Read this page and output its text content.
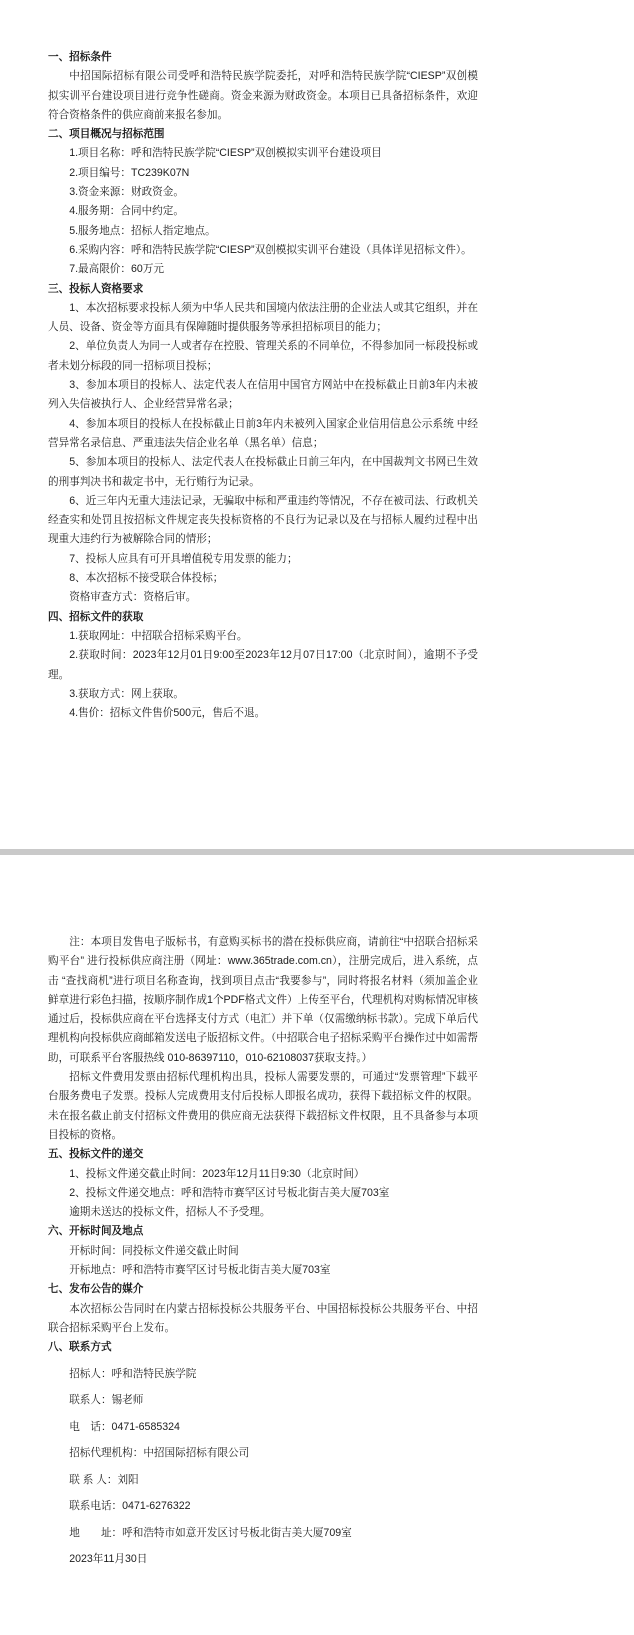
一、招标条件

中招国际招标有限公司受呼和浩特民族学院委托，对呼和浩特民族学院“CIESP”双创模拟实训平台建设项目进行竞争性磋商。资金来源为财政资金。本项目已具备招标条件，欢迎符合资格条件的供应商前来报名参加。

二、项目概况与招标范围

1.项目名称：呼和浩特民族学院“CIESP”双创模拟实训平台建设项目

2.项目编号：TC239K07N

3.资金来源：财政资金。

4.服务期：合同中约定。

5.服务地点：招标人指定地点。

6.采购内容：呼和浩特民族学院“CIESP”双创模拟实训平台建设（具体详见招标文件）。

7.最高限价：60万元

三、投标人资格要求

1、本次招标要求投标人须为中华人民共和国境内依法注册的企业法人或其它组织，并在人员、设备、资金等方面具有保障随时提供服务等承担招标项目的能力；

2、单位负责人为同一人或者存在控股、管理关系的不同单位，不得参加同一标段投标或者未划分标段的同一招标项目投标；

3、参加本项目的投标人、法定代表人在信用中国官方网站中在投标截止日前3年内未被列入失信被执行人、企业经营异常名录；

4、参加本项目的投标人在投标截止日前3年内未被列入国家企业信用信息公示系统 中经营异常名录信息、严重违法失信企业名单（黑名单）信息；

5、参加本项目的投标人、法定代表人在投标截止日前三年内，在中国裁判文书网已生效的刑事判决书和裁定书中，无行贿行为记录。

6、近三年内无重大违法记录，无骗取中标和严重违约等情况，不存在被司法、行政机关经查实和处罚且按招标文件规定丧失投标资格的不良行为记录以及在与招标人履约过程中出现重大违约行为被解除合同的情形；

7、投标人应具有可开具增值税专用发票的能力；

8、本次招标不接受联合体投标；

资格审查方式：资格后审。

四、招标文件的获取

1.获取网址：中招联合招标采购平台。

2.获取时间：2023年12月01日9:00至2023年12月07日17:00（北京时间），逾期不予受理。

3.获取方式：网上获取。

4.售价：招标文件售价500元，售后不退。

注：本项目发售电子版标书，有意购买标书的潜在投标供应商，请前往“中招联合招标采购平台” 进行投标供应商注册（网址：www.365trade.com.cn），注册完成后，进入系统，点击 “查找商机”进行项目名称查询，找到项目点击“我要参与”，同时将报名材料（须加盖企业鲜章进行彩色扫描，按顺序制作成1个PDF格式文件）上传至平台，代理机构对购标情况审核通过后，投标供应商在平台选择支付方式（电汇）并下单（仅需缴纳标书款）。完成下单后代理机构向投标供应商邮箱发送电子版招标文件。（中招联合电子招标采购平台操作过中如需帮助，可联系平台客服热线 010-86397110，010-62108037获取支持。）

招标文件费用发票由招标代理机构出具，投标人需要发票的，可通过“发票管理”下载平台服务费电子发票。投标人完成费用支付后投标人即报名成功，获得下载招标文件的权限。未在报名截止前支付招标文件费用的供应商无法获得下载招标文件权限，且不具备参与本项目投标的资格。

五、投标文件的递交

1、投标文件递交截止时间：2023年12月11日9:30（北京时间）

2、投标文件递交地点：呼和浩特市赛罕区讨号板北街吉美大厦703室

逾期未送达的投标文件，招标人不予受理。

六、开标时间及地点

开标时间：同投标文件递交截止时间

开标地点：呼和浩特市赛罕区讨号板北街吉美大厦703室

七、发布公告的媒介

本次招标公告同时在内蒙古招标投标公共服务平台、中国招标投标公共服务平台、中招联合招标采购平台上发布。

八、联系方式

招标人：呼和浩特民族学院

联系人：锡老师

电　话：0471-6585324

招标代理机构：中招国际招标有限公司

联 系 人：刘阳

联系电话：0471-6276322

地　　址：呼和浩特市如意开发区讨号板北街吉美大厦709室

2023年11月30日
